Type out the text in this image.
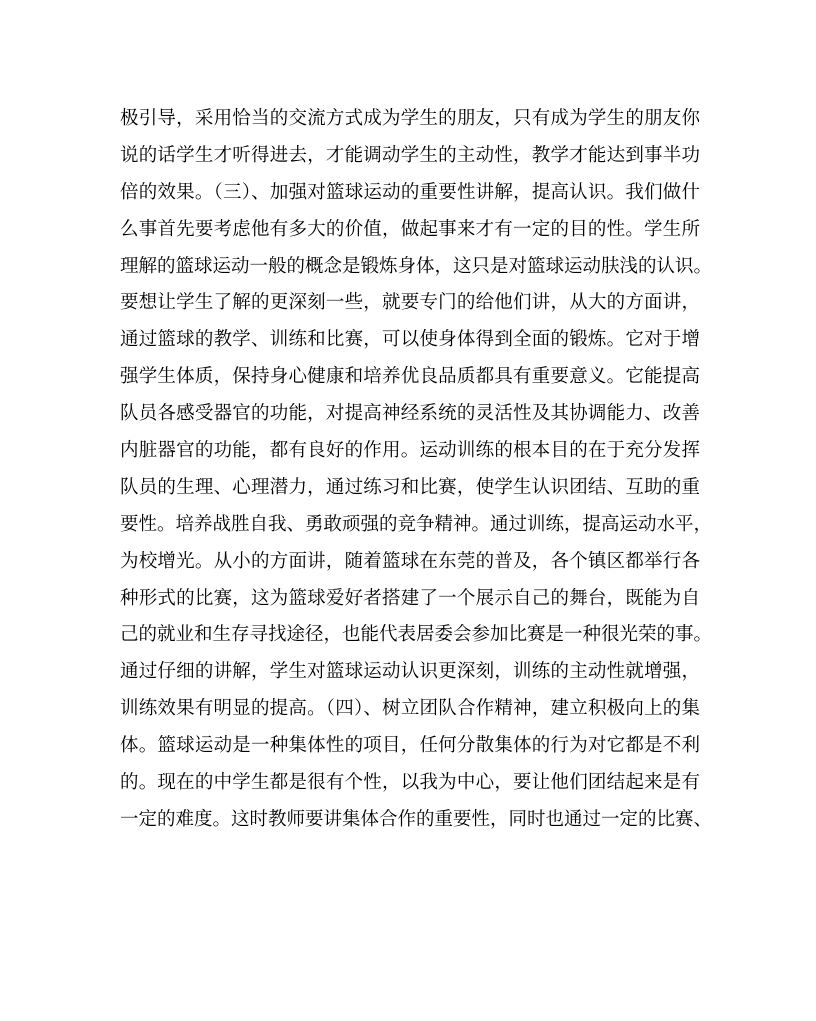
极引导，采用恰当的交流方式成为学生的朋友，只有成为学生的朋友你
说的话学生才听得进去，才能调动学生的主动性，教学才能达到事半功
倍的效果。（三）、加强对篮球运动的重要性讲解，提高认识。我们做什
么事首先要考虑他有多大的价值，做起事来才有一定的目的性。学生所
理解的篮球运动一般的概念是锻炼身体，这只是对篮球运动肤浅的认识。
要想让学生了解的更深刻一些，就要专门的给他们讲，从大的方面讲，
通过篮球的教学、训练和比赛，可以使身体得到全面的锻炼。它对于增
强学生体质，保持身心健康和培养优良品质都具有重要意义。它能提高
队员各感受器官的功能，对提高神经系统的灵活性及其协调能力、改善
内脏器官的功能，都有良好的作用。运动训练的根本目的在于充分发挥
队员的生理、心理潜力，通过练习和比赛，使学生认识团结、互助的重
要性。培养战胜自我、勇敢顽强的竞争精神。通过训练，提高运动水平，
为校增光。从小的方面讲，随着篮球在东莞的普及，各个镇区都举行各
种形式的比赛，这为篮球爱好者搭建了一个展示自己的舞台，既能为自
己的就业和生存寻找途径，也能代表居委会参加比赛是一种很光荣的事。
通过仔细的讲解，学生对篮球运动认识更深刻，训练的主动性就增强，
训练效果有明显的提高。（四）、树立团队合作精神，建立积极向上的集
体。篮球运动是一种集体性的项目，任何分散集体的行为对它都是不利
的。现在的中学生都是很有个性，以我为中心，要让他们团结起来是有
一定的难度。这时教师要讲集体合作的重要性，同时也通过一定的比赛、
